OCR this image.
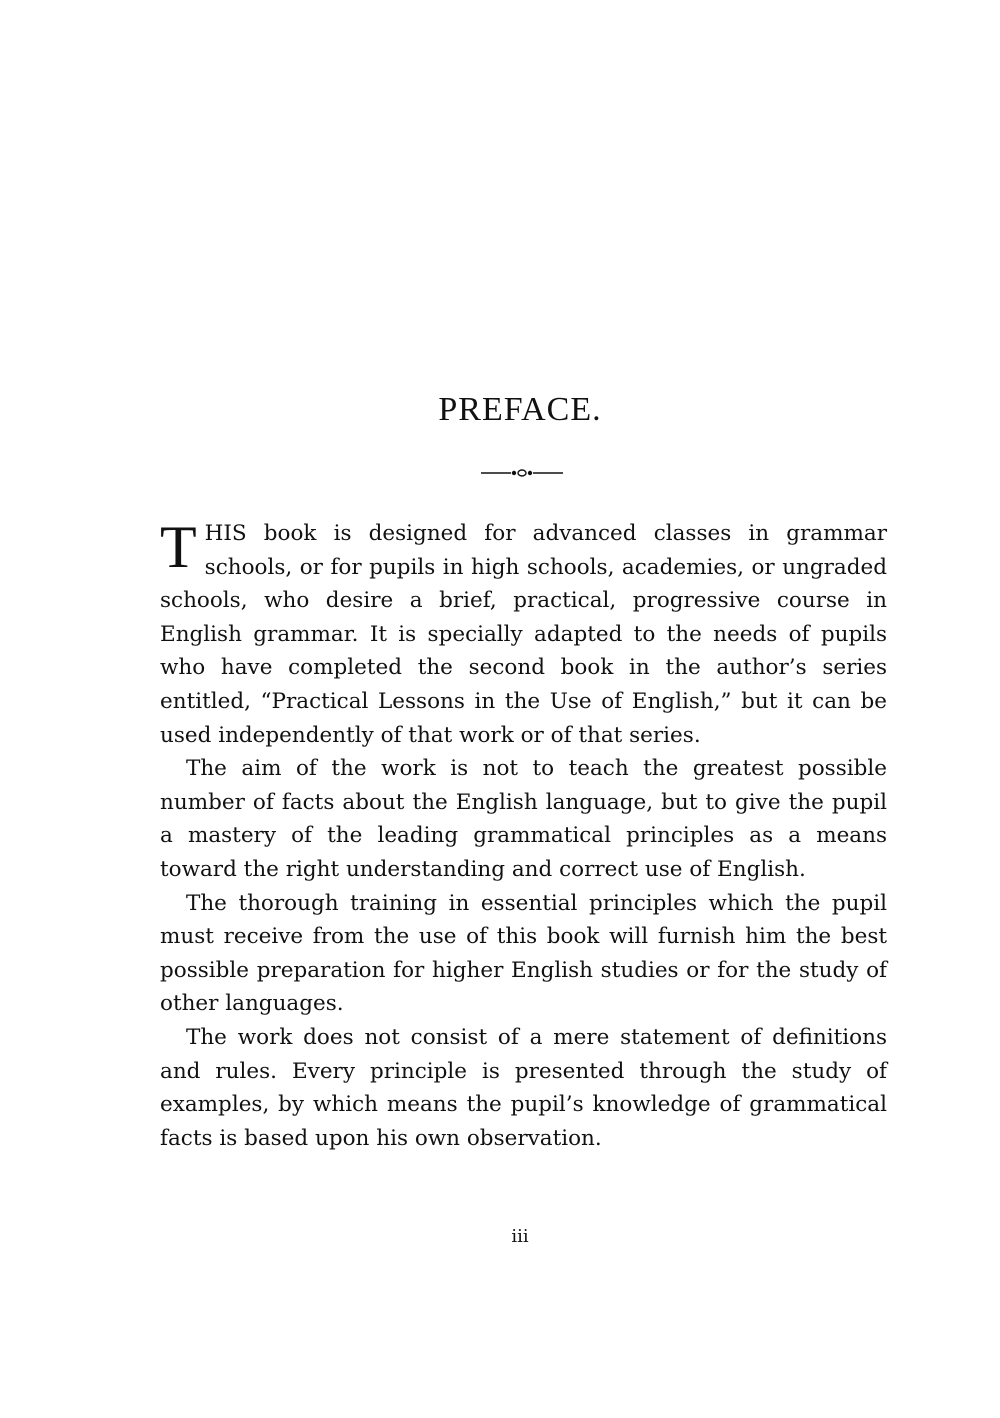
PREFACE.

THIS book is designed for advanced classes in grammar schools, or for pupils in high schools, academies, or ungraded schools, who desire a brief, practical, progressive course in English grammar. It is specially adapted to the needs of pupils who have completed the second book in the author’s series entitled, “Practical Lessons in the Use of English,” but it can be used independently of that work or of that series.

The aim of the work is not to teach the greatest possible number of facts about the English language, but to give the pupil a mastery of the leading grammatical principles as a means toward the right understanding and correct use of English.

The thorough training in essential principles which the pupil must receive from the use of this book will furnish him the best possible preparation for higher English studies or for the study of other languages.

The work does not consist of a mere statement of definitions and rules. Every principle is presented through the study of examples, by which means the pupil’s knowledge of grammatical facts is based upon his own observation.

iii
